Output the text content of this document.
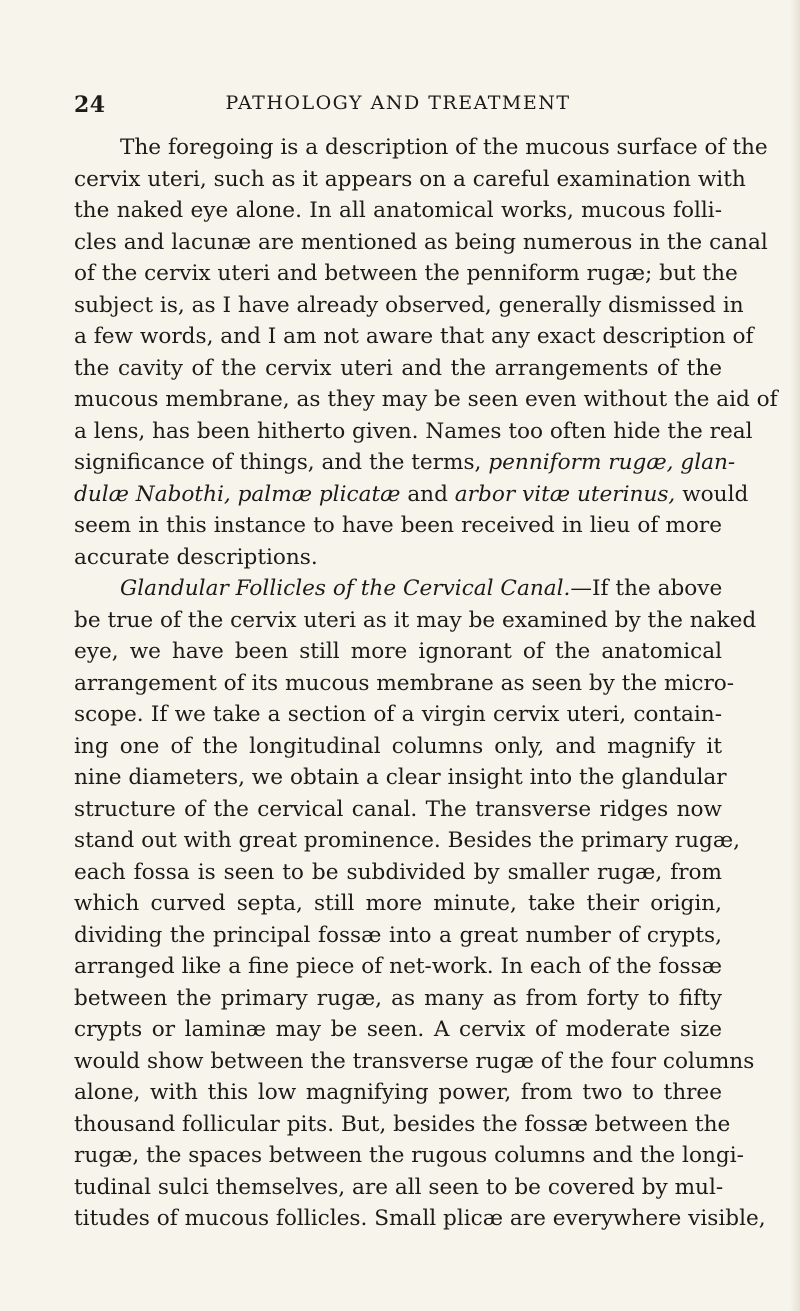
24	PATHOLOGY AND TREATMENT
The foregoing is a description of the mucous surface of the
cervix uteri, such as it appears on a careful examination with
the naked eye alone. In all anatomical works, mucous folli-
cles and lacunæ are mentioned as being numerous in the canal
of the cervix uteri and between the penniform rugæ; but the
subject is, as I have already observed, generally dismissed in
a few words, and I am not aware that any exact description of
the cavity of the cervix uteri and the arrangements of the
mucous membrane, as they may be seen even without the aid of
a lens, has been hitherto given. Names too often hide the real
significance of things, and the terms, penniform rugæ, glan-
dulæ Nabothi, palmæ plicatæ and arbor vitæ uterinus, would
seem in this instance to have been received in lieu of more
accurate descriptions.
Glandular Follicles of the Cervical Canal.—If the above
be true of the cervix uteri as it may be examined by the naked
eye, we have been still more ignorant of the anatomical
arrangement of its mucous membrane as seen by the micro-
scope. If we take a section of a virgin cervix uteri, contain-
ing one of the longitudinal columns only, and magnify it
nine diameters, we obtain a clear insight into the glandular
structure of the cervical canal. The transverse ridges now
stand out with great prominence. Besides the primary rugæ,
each fossa is seen to be subdivided by smaller rugæ, from
which curved septa, still more minute, take their origin,
dividing the principal fossæ into a great number of crypts,
arranged like a fine piece of net-work. In each of the fossæ
between the primary rugæ, as many as from forty to fifty
crypts or laminæ may be seen. A cervix of moderate size
would show between the transverse rugæ of the four columns
alone, with this low magnifying power, from two to three
thousand follicular pits. But, besides the fossæ between the
rugæ, the spaces between the rugous columns and the longi-
tudinal sulci themselves, are all seen to be covered by mul-
titudes of mucous follicles. Small plicæ are everywhere visible,
